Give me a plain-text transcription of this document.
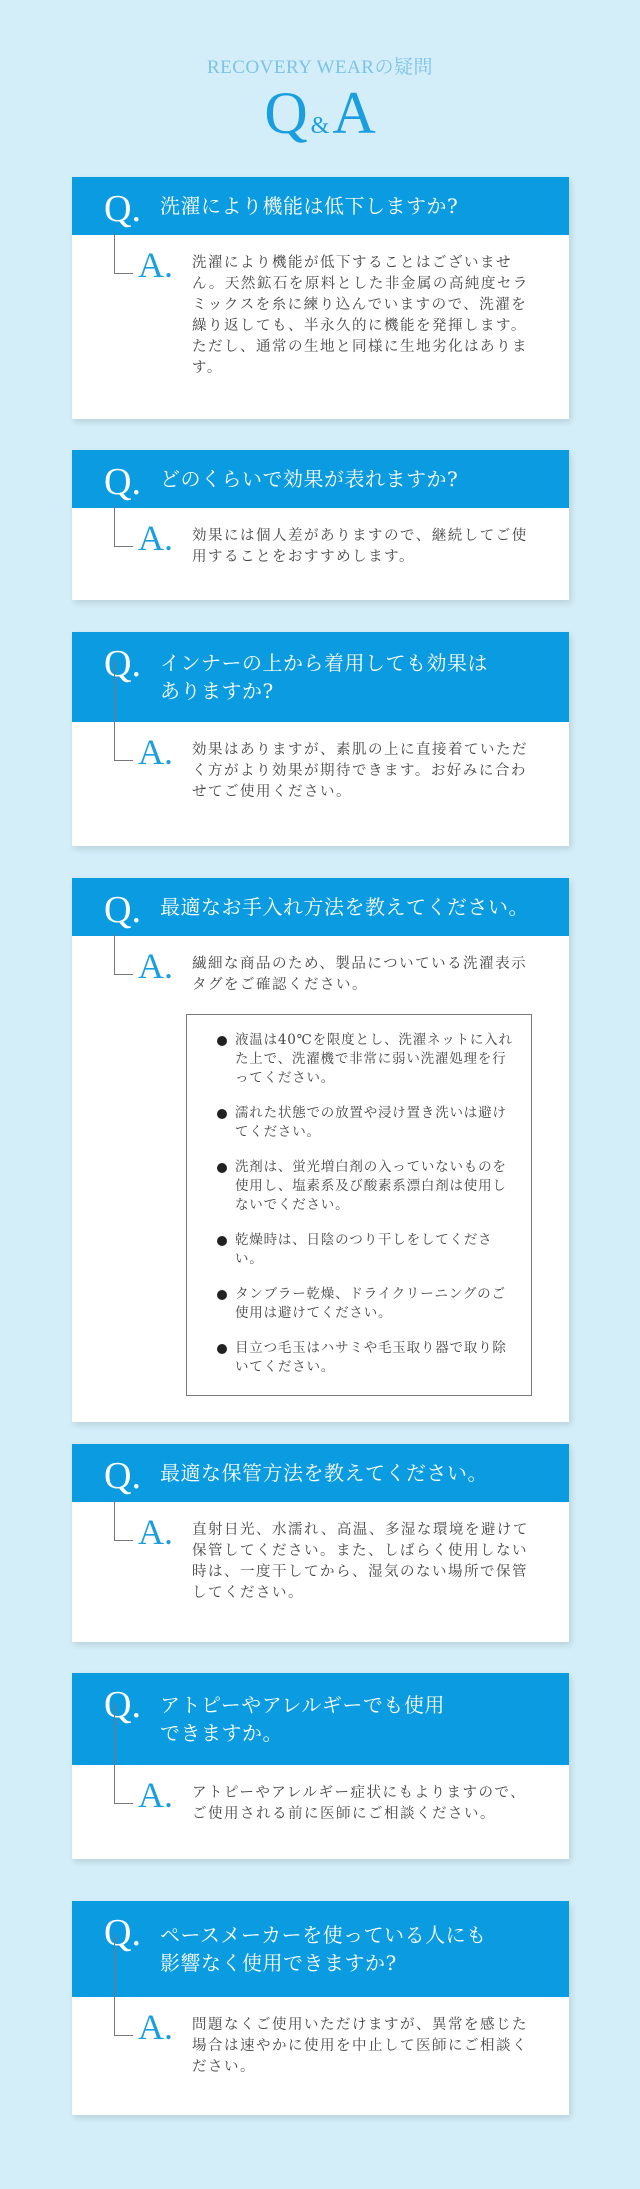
RECOVERY WEARの疑問
Q &A
Q. 洗濯により機能は低下しますか?
A. 洗濯により機能が低下することはございません。天然鉱石を原料とした非金属の高純度セラミックスを糸に練り込んでいますので、洗濯を繰り返しても、半永久的に機能を発揮します。ただし、通常の生地と同様に生地劣化はあります。
Q. どのくらいで効果が表れますか?
A. 効果には個人差がありますので、継続してご使用することをおすすめします。
Q. インナーの上から着用しても効果はありますか?
A. 効果はありますが、素肌の上に直接着ていただく方がより効果が期待できます。お好みに合わせてご使用ください。
Q. 最適なお手入れ方法を教えてください。
A. 繊細な商品のため、製品についている洗濯表示タグをご確認ください。
液温は40℃を限度とし、洗濯ネットに入れた上で、洗濯機で非常に弱い洗濯処理を行ってください。
濡れた状態での放置や浸け置き洗いは避けてください。
洗剤は、蛍光増白剤の入っていないものを使用し、塩素系及び酸素系漂白剤は使用しないでください。
乾燥時は、日陰のつり干しをしてください。
タンブラー乾燥、ドライクリーニングのご使用は避けてください。
目立つ毛玉はハサミや毛玉取り器で取り除いてください。
Q. 最適な保管方法を教えてください。
A. 直射日光、水濡れ、高温、多湿な環境を避けて保管してください。また、しばらく使用しない時は、一度干してから、湿気のない場所で保管してください。
Q. アトピーやアレルギーでも使用できますか。
A. アトピーやアレルギー症状にもよりますので、ご使用される前に医師にご相談ください。
Q. ペースメーカーを使っている人にも影響なく使用できますか?
A. 問題なくご使用いただけますが、異常を感じた場合は速やかに使用を中止して医師にご相談ください。
